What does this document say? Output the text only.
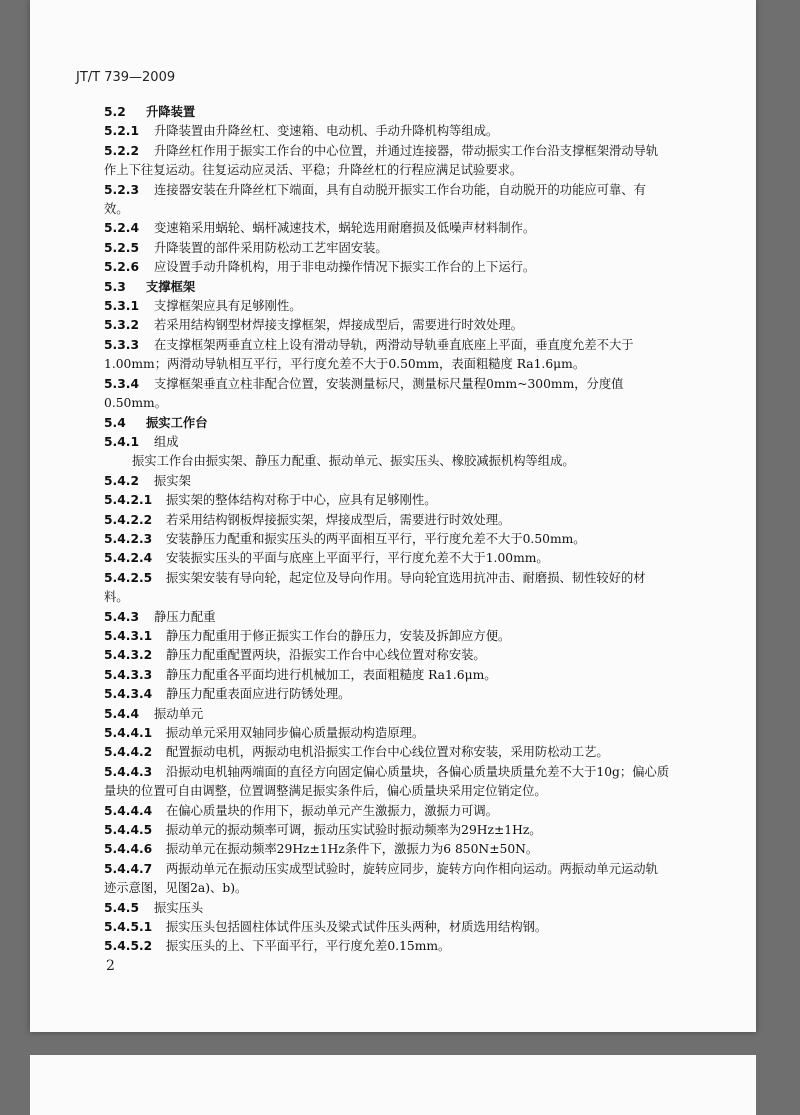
JT/T 739—2009
5.2 升降装置
5.2.1 升降装置由升降丝杠、变速箱、电动机、手动升降机构等组成。
5.2.2 升降丝杠作用于振实工作台的中心位置，并通过连接器，带动振实工作台沿支撑框架滑动导轨作上下往复运动。往复运动应灵活、平稳；升降丝杠的行程应满足试验要求。
5.2.3 连接器安装在升降丝杠下端面，具有自动脱开振实工作台功能，自动脱开的功能应可靠、有效。
5.2.4 变速箱采用蜗轮、蜗杆减速技术，蜗轮选用耐磨损及低噪声材料制作。
5.2.5 升降装置的部件采用防松动工艺牢固安装。
5.2.6 应设置手动升降机构，用于非电动操作情况下振实工作台的上下运行。
5.3 支撑框架
5.3.1 支撑框架应具有足够刚性。
5.3.2 若采用结构钢型材焊接支撑框架，焊接成型后，需要进行时效处理。
5.3.3 在支撑框架两垂直立柱上设有滑动导轨，两滑动导轨垂直底座上平面，垂直度允差不大于1.00mm；两滑动导轨相互平行，平行度允差不大于0.50mm，表面粗糙度 Ra1.6μm。
5.3.4 支撑框架垂直立柱非配合位置，安装测量标尺，测量标尺量程0mm~300mm，分度值0.50mm。
5.4 振实工作台
5.4.1 组成
振实工作台由振实架、静压力配重、振动单元、振实压头、橡胶减振机构等组成。
5.4.2 振实架
5.4.2.1 振实架的整体结构对称于中心，应具有足够刚性。
5.4.2.2 若采用结构钢板焊接振实架，焊接成型后，需要进行时效处理。
5.4.2.3 安装静压力配重和振实压头的两平面相互平行，平行度允差不大于0.50mm。
5.4.2.4 安装振实压头的平面与底座上平面平行，平行度允差不大于1.00mm。
5.4.2.5 振实架安装有导向轮，起定位及导向作用。导向轮宜选用抗冲击、耐磨损、韧性较好的材料。
5.4.3 静压力配重
5.4.3.1 静压力配重用于修正振实工作台的静压力，安装及拆卸应方便。
5.4.3.2 静压力配重配置两块，沿振实工作台中心线位置对称安装。
5.4.3.3 静压力配重各平面均进行机械加工，表面粗糙度 Ra1.6μm。
5.4.3.4 静压力配重表面应进行防锈处理。
5.4.4 振动单元
5.4.4.1 振动单元采用双轴同步偏心质量振动构造原理。
5.4.4.2 配置振动电机，两振动电机沿振实工作台中心线位置对称安装，采用防松动工艺。
5.4.4.3 沿振动电机轴两端面的直径方向固定偏心质量块，各偏心质量块质量允差不大于10g；偏心质量块的位置可自由调整，位置调整满足振实条件后，偏心质量块采用定位销定位。
5.4.4.4 在偏心质量块的作用下，振动单元产生激振力，激振力可调。
5.4.4.5 振动单元的振动频率可调，振动压实试验时振动频率为29Hz±1Hz。
5.4.4.6 振动单元在振动频率29Hz±1Hz条件下，激振力为6 850N±50N。
5.4.4.7 两振动单元在振动压实成型试验时，旋转应同步，旋转方向作相向运动。两振动单元运动轨迹示意图，见图2a)、b)。
5.4.5 振实压头
5.4.5.1 振实压头包括圆柱体试件压头及梁式试件压头两种，材质选用结构钢。
5.4.5.2 振实压头的上、下平面平行，平行度允差0.15mm。
2
